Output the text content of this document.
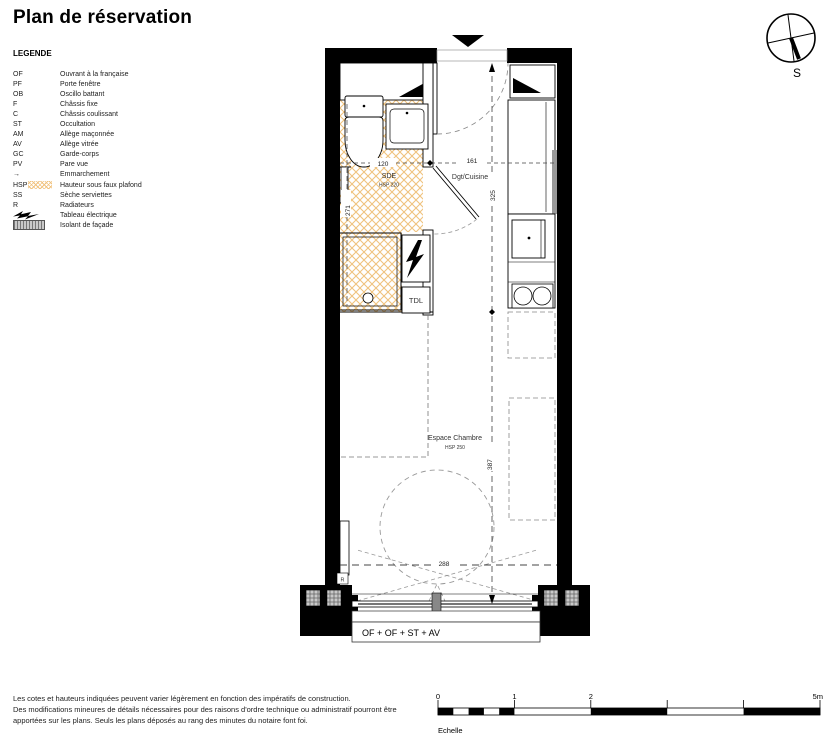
Plan de réservation
LEGENDE
OF	Ouvrant à la française
PF	Porte fenêtre
OB	Oscillo battant
F	Châssis fixe
C	Châssis coulissant
ST	Occultation
AM	Allège maçonnée
AV	Allège vitrée
GC	Garde-corps
PV	Pare vue
→	Emmarchement
HSP	Hauteur sous faux plafond
SS	Sèche serviettes
R	Radiateurs
Tableau électrique
Isolant de façade
S
TDL
R
OF + OF + ST + AV
120	161
325
271
387
288
SDE
HSP 220
Dgt/Cuisine
Espace Chambre
HSP 250
Les cotes et hauteurs indiquées peuvent varier légèrement en fonction des impératifs de construction.
Des modifications mineures de détails nécessaires pour des raisons d'ordre technique ou administratif pourront être
apportées sur les plans. Seuls les plans déposés au rang des minutes du notaire font foi.
0	1	2	5m
Echelle
